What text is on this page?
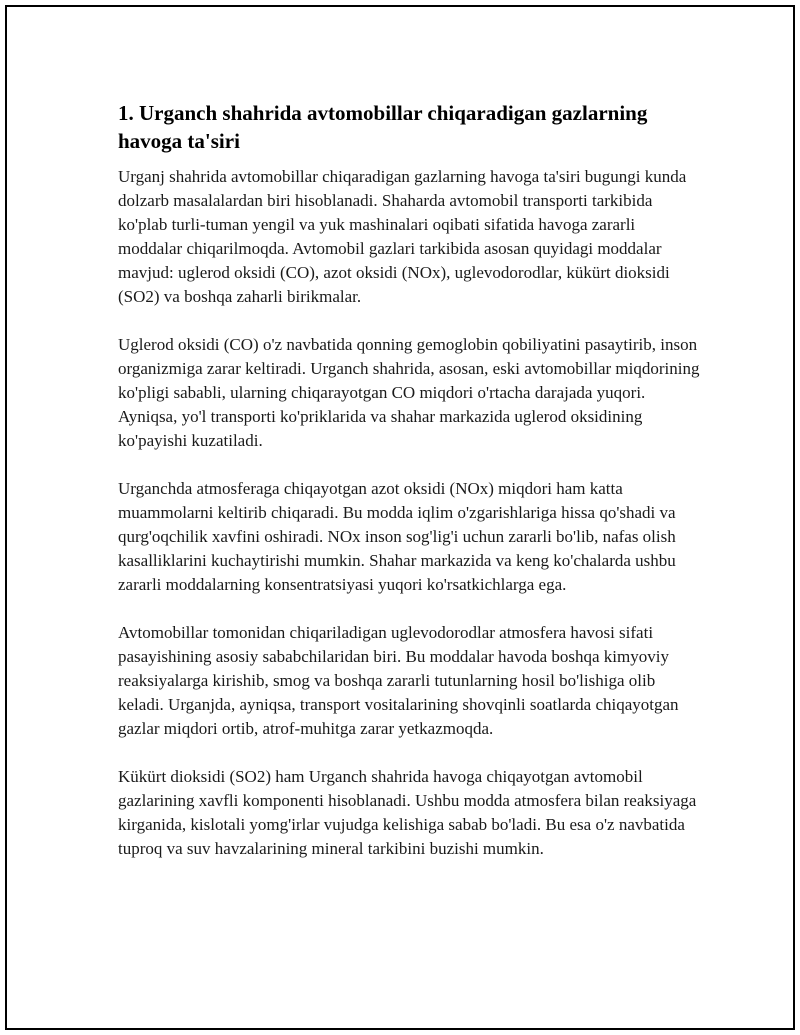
1. Urganch shahrida avtomobillar chiqaradigan gazlarning havoga ta'siri

Urganj shahrida avtomobillar chiqaradigan gazlarning havoga ta'siri bugungi kunda dolzarb masalalardan biri hisoblanadi. Shaharda avtomobil transporti tarkibida ko'plab turli-tuman yengil va yuk mashinalari oqibati sifatida havoga zararli moddalar chiqarilmoqda. Avtomobil gazlari tarkibida asosan quyidagi moddalar mavjud: uglerod oksidi (CO), azot oksidi (NOx), uglevodorodlar, kükürt dioksidi (SO2) va boshqa zaharli birikmalar.

Uglerod oksidi (CO) o'z navbatida qonning gemoglobin qobiliyatini pasaytirib, inson organizmiga zarar keltiradi. Urganch shahrida, asosan, eski avtomobillar miqdorining ko'pligi sababli, ularning chiqarayotgan CO miqdori o'rtacha darajada yuqori. Ayniqsa, yo'l transporti ko'priklarida va shahar markazida uglerod oksidining ko'payishi kuzatiladi.

Urganchda atmosferaga chiqayotgan azot oksidi (NOx) miqdori ham katta muammolarni keltirib chiqaradi. Bu modda iqlim o'zgarishlariga hissa qo'shadi va qurg'oqchilik xavfini oshiradi. NOx inson sog'lig'i uchun zararli bo'lib, nafas olish kasalliklarini kuchaytirishi mumkin. Shahar markazida va keng ko'chalarda ushbu zararli moddalarning konsentratsiyasi yuqori ko'rsatkichlarga ega.

Avtomobillar tomonidan chiqariladigan uglevodorodlar atmosfera havosi sifati pasayishining asosiy sababchilaridan biri. Bu moddalar havoda boshqa kimyoviy reaksiyalarga kirishib, smog va boshqa zararli tutunlarning hosil bo'lishiga olib keladi. Urganjda, ayniqsa, transport vositalarining shovqinli soatlarda chiqayotgan gazlar miqdori ortib, atrof-muhitga zarar yetkazmoqda.

Kükürt dioksidi (SO2) ham Urganch shahrida havoga chiqayotgan avtomobil gazlarining xavfli komponenti hisoblanadi. Ushbu modda atmosfera bilan reaksiyaga kirganida, kislotali yomg'irlar vujudga kelishiga sabab bo'ladi. Bu esa o'z navbatida tuproq va suv havzalarining mineral tarkibini buzishi mumkin.
